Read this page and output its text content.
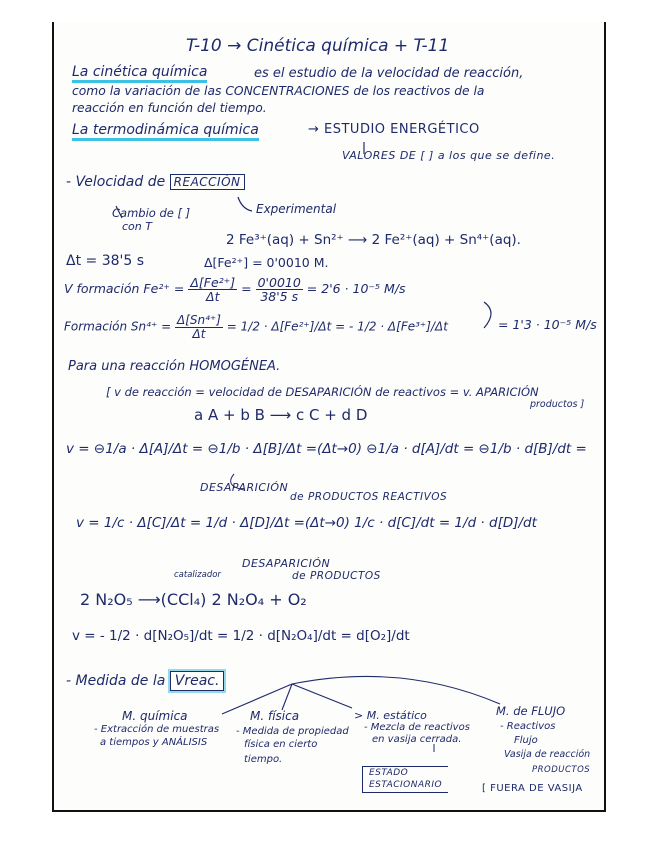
T-10 → Cinética química + T-11
La cinética química	es el estudio de la velocidad de reacción,
como la variación de las CONCENTRACIONES de los reactivos de la
reacción en función del tiempo.
La termodinámica química	→ ESTUDIO ENERGÉTICO
VALORES DE [ ] a los que se define.
- Velocidad de REACCIÓN
Cambio de [ ]
con T
Experimental
2 Fe³⁺(aq) + Sn²⁺ ⟶ 2 Fe²⁺(aq) + Sn⁴⁺(aq).
Δt = 38'5 s	Δ[Fe²⁺] = 0'0010 M.
V formación $Fe^{2+} = \frac{\text{Δ[Fe²⁺]}}{\Delta t} = \frac{0'0010}{38'5 s} = 2'6 \cdot 10^{-5}$ M/s
Formación $Sn^{4+} = \frac{\text{Δ[Sn⁴⁺]}}{\Delta t} = 1/2 \cdot \Delta[Fe^{2+}]/\Delta t$ = - 1/2 · Δ[Fe³⁺]/Δt	= 1'3 · 10⁻⁵ M/s
Para una reacción HOMOGÉNEA.
[ v de reacción = velocidad de DESAPARICIÓN de reactivos = v. APARICIÓN
productos ]
a A + b B ⟶ c C + d D
v = ⊖1/a · Δ[A]/Δt = ⊖1/b · Δ[B]/Δt =(Δt→0) ⊖1/a · d[A]/dt = ⊖1/b · d[B]/dt =
DESAPARICIÓN
de PRODUCTOS REACTIVOS
v = 1/c · Δ[C]/Δt = 1/d · Δ[D]/Δt =(Δt→0) 1/c · d[C]/dt = 1/d · d[D]/dt
DESAPARICIÓN
de PRODUCTOS
catalizador
2 N₂O₅ ⟶(CCl₄) 2 N₂O₄ + O₂
v = - 1/2 · d[N₂O₅]/dt = 1/2 · d[N₂O₄]/dt = d[O₂]/dt
- Medida de la Vreac.
M. química
- Extracción de muestras
a tiempos y ANÁLISIS
M. física
- Medida de propiedad
física en cierto
tiempo.
> M. estático
- Mezcla de reactivos
en vasija cerrada.
M. de FLUJO
- Reactivos
Flujo
Vasija de reacción
PRODUCTOS
[ FUERA DE VASIJA
ESTADO
ESTACIONARIO
